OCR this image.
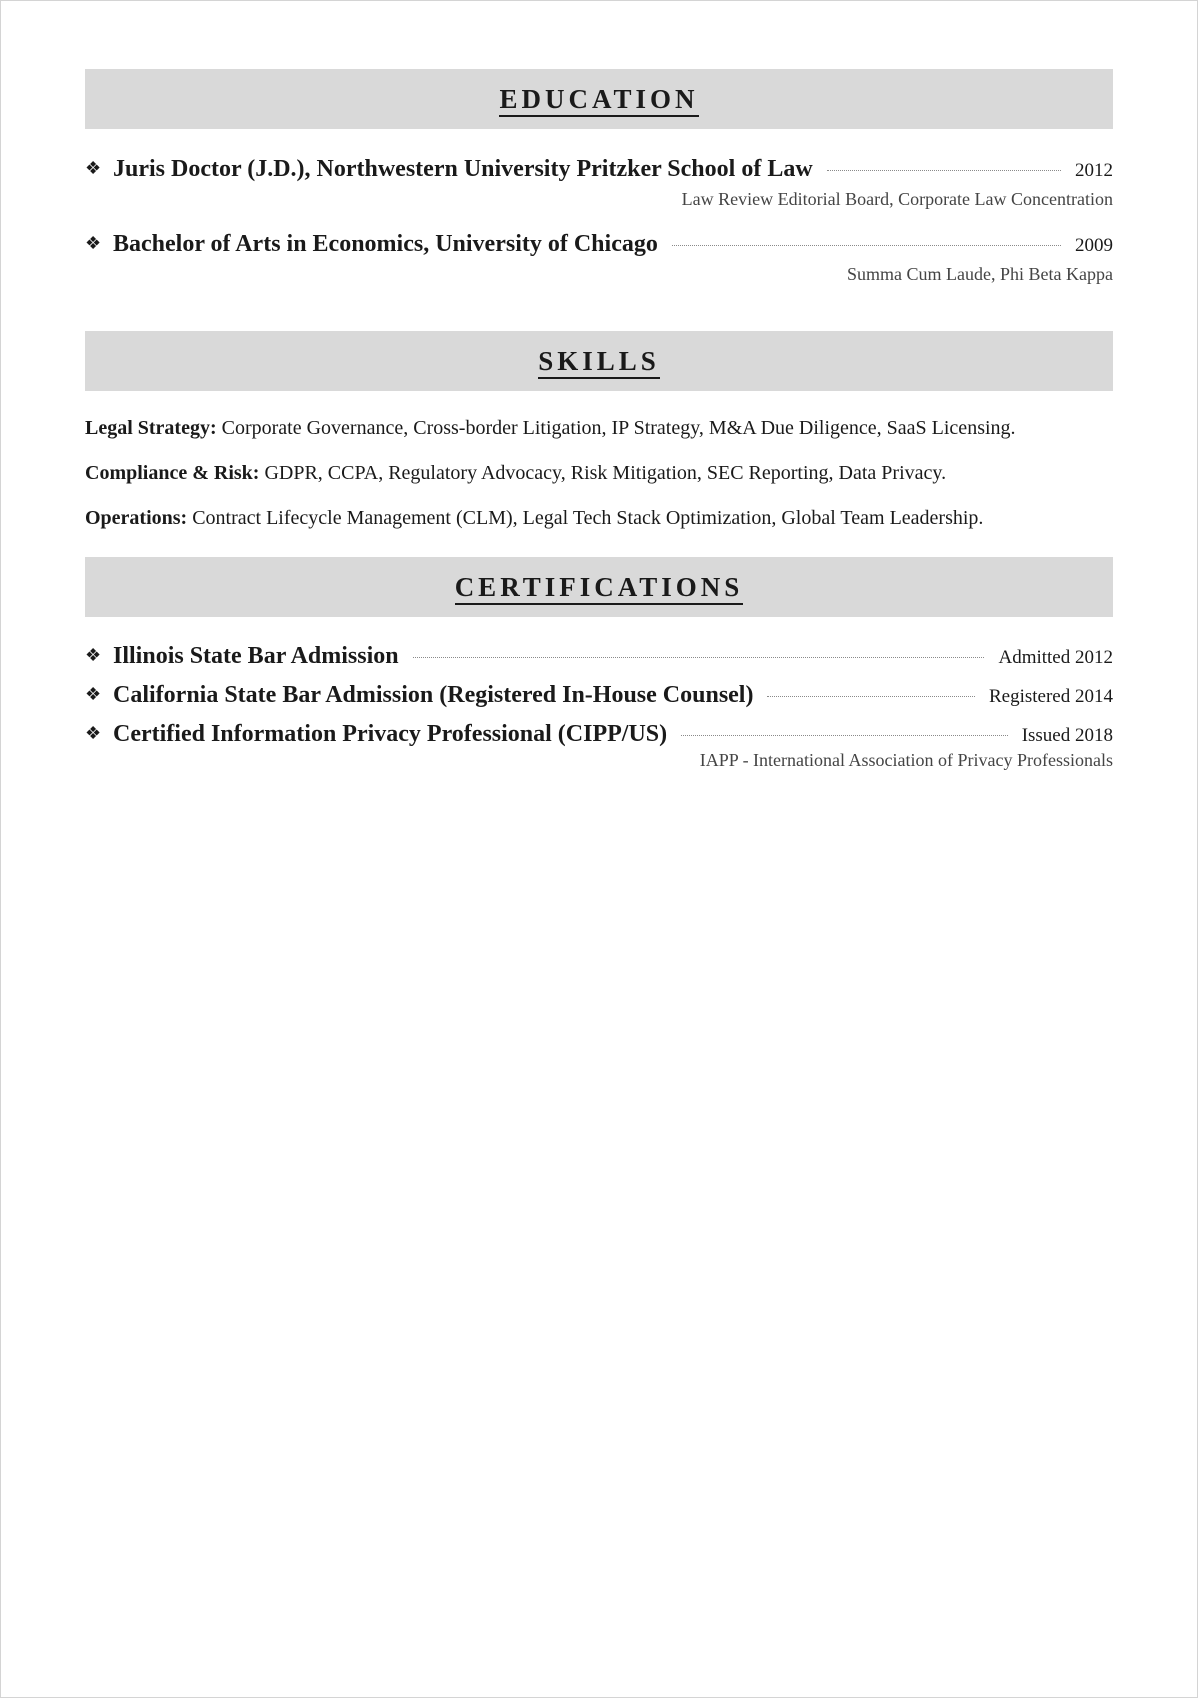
EDUCATION
❖ Juris Doctor (J.D.), Northwestern University Pritzker School of Law	2012
Law Review Editorial Board, Corporate Law Concentration
❖ Bachelor of Arts in Economics, University of Chicago	2009
Summa Cum Laude, Phi Beta Kappa
SKILLS
Legal Strategy: Corporate Governance, Cross-border Litigation, IP Strategy, M&A Due Diligence, SaaS Licensing.
Compliance & Risk: GDPR, CCPA, Regulatory Advocacy, Risk Mitigation, SEC Reporting, Data Privacy.
Operations: Contract Lifecycle Management (CLM), Legal Tech Stack Optimization, Global Team Leadership.
CERTIFICATIONS
❖ Illinois State Bar Admission	Admitted 2012
❖ California State Bar Admission (Registered In-House Counsel)	Registered 2014
❖ Certified Information Privacy Professional (CIPP/US)	Issued 2018
IAPP - International Association of Privacy Professionals
